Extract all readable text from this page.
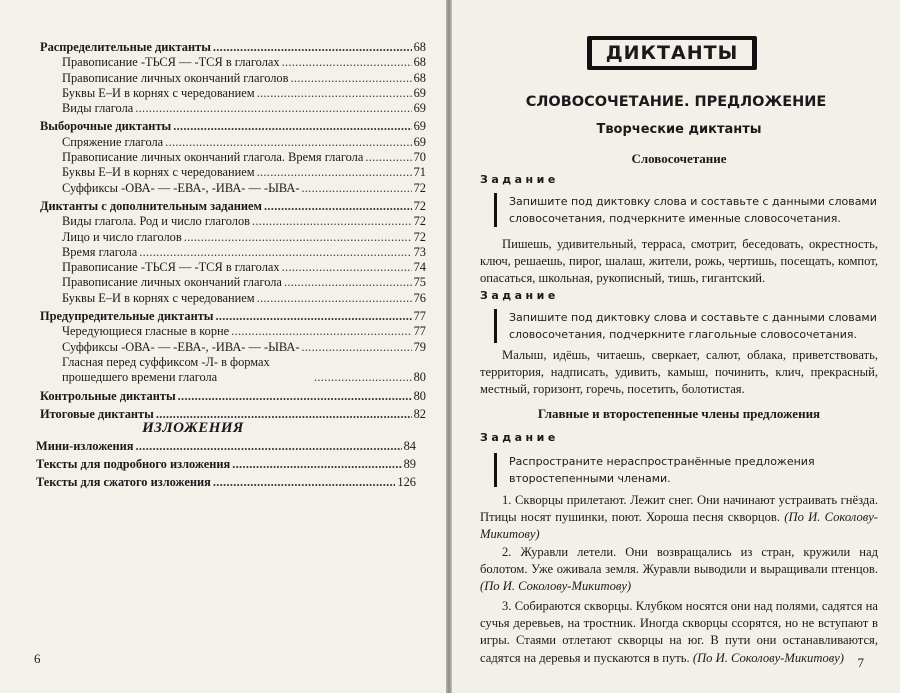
Распределительные диктанты .....	68
Правописание -ТЬСЯ — -ТСЯ в глаголах .....	68
Правописание личных окончаний глаголов .....	68
Буквы Е–И в корнях с чередованием .....	69
Виды глагола .....	69
Выборочные диктанты .....	69
Спряжение глагола .....	69
Правописание личных окончаний глагола. Время глагола .....	70
Буквы Е–И в корнях с чередованием .....	71
Суффиксы -ОВА- — -ЕВА-, -ИВА- — -ЫВА- .....	72
Диктанты с дополнительным заданием .....	72
Виды глагола. Род и число глаголов .....	72
Лицо и число глаголов .....	72
Время глагола .....	73
Правописание -ТЬСЯ — -ТСЯ в глаголах .....	74
Правописание личных окончаний глагола .....	75
Буквы Е–И в корнях с чередованием .....	76
Предупредительные диктанты .....	77
Чередующиеся гласные в корне .....	77
Суффиксы -ОВА- — -ЕВА-, -ИВА- — -ЫВА- .....	79
Гласная перед суффиксом -Л- в формах прошедшего времени глагола .....	80
Контрольные диктанты .....	80
Итоговые диктанты .....	82
ИЗЛОЖЕНИЯ
Мини-изложения .....	84
Тексты для подробного изложения .....	89
Тексты для сжатого изложения .....	126
6
ДИКТАНТЫ
СЛОВОСОЧЕТАНИЕ. ПРЕДЛОЖЕНИЕ
Творческие диктанты
Словосочетание
Задание
Запишите под диктовку слова и составьте с данными словами словосочетания, подчеркните именные словосочетания.
Пишешь, удивительный, терраса, смотрит, беседовать, окрестность, ключ, решаешь, пирог, шалаш, жители, рожь, чертишь, посещать, компот, опасаться, школьная, рукописный, тишь, гигантский.
Задание
Запишите под диктовку слова и составьте с данными словами словосочетания, подчеркните глагольные словосочетания.
Малыш, идёшь, читаешь, сверкает, салют, облака, приветствовать, территория, надписать, удивить, камыш, починить, клич, прекрасный, местный, горизонт, горечь, посетить, болотистая.
Главные и второстепенные члены предложения
Задание
Распространите нераспространённые предложения второстепенными членами.
1. Скворцы прилетают. Лежит снег. Они начинают устраивать гнёзда. Птицы носят пушинки, поют. Хороша песня скворцов. (По И. Соколову-Микитову)
2. Журавли летели. Они возвращались из стран, кружили над болотом. Уже оживала земля. Журавли выводили и выращивали птенцов. (По И. Соколову-Микитову)
3. Собираются скворцы. Клубком носятся они над полями, садятся на сучья деревьев, на тростник. Иногда скворцы ссорятся, но не вступают в игры. Стаями отлетают скворцы на юг. В пути они останавливаются, садятся на деревья и пускаются в путь. (По И. Соколову-Микитову)	7
